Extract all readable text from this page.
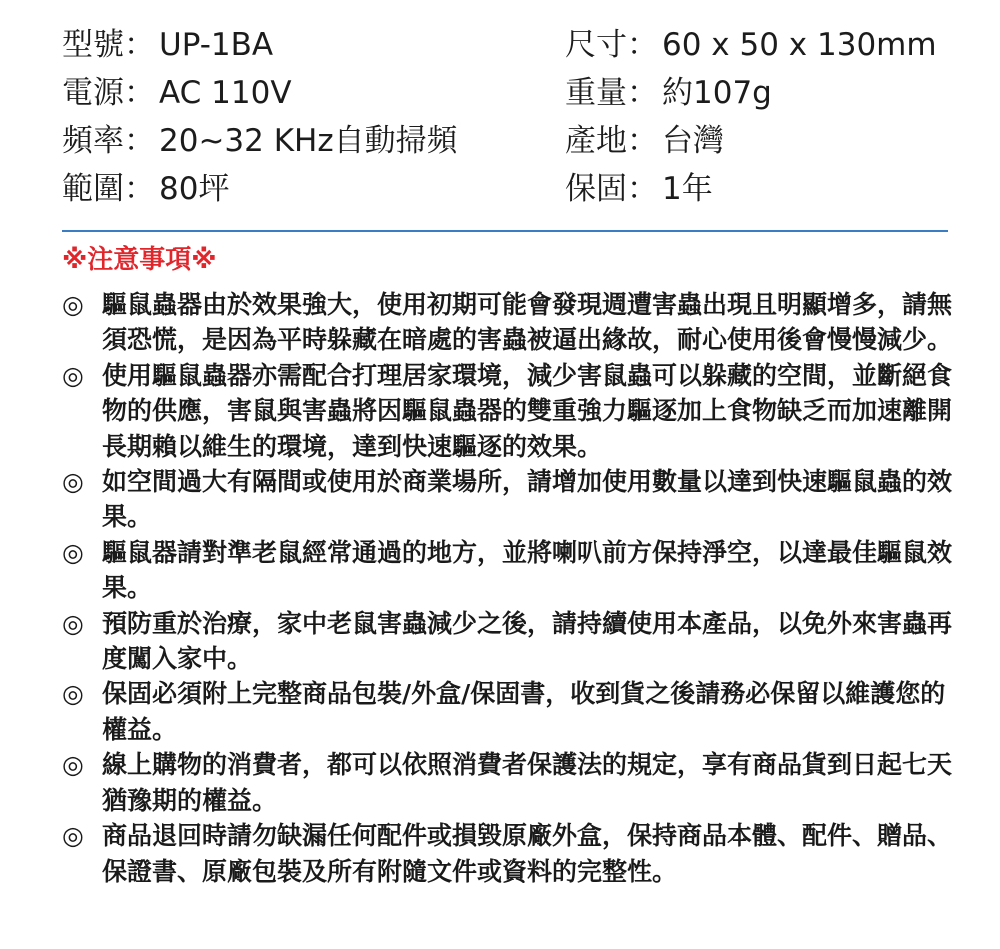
型號 ： UP-1BA
電源 ： AC 110V
頻率 ： 20~32 KHz自動掃頻
範圍 ： 80坪
尺寸 ： 60 x 50 x 130mm
重量 ： 約107g
產地 ： 台灣
保固 ： 1年
※注意事項※
◎ 驅鼠蟲器由於效果強大，使用初期可能會發現週遭害蟲出現且明顯增多，請無須恐慌，是因為平時躲藏在暗處的害蟲被逼出緣故，耐心使用後會慢慢減少。
◎ 使用驅鼠蟲器亦需配合打理居家環境，減少害鼠蟲可以躲藏的空間，並斷絕食物的供應，害鼠與害蟲將因驅鼠蟲器的雙重強力驅逐加上食物缺乏而加速離開長期賴以維生的環境，達到快速驅逐的效果。
◎ 如空間過大有隔間或使用於商業場所，請增加使用數量以達到快速驅鼠蟲的效果。
◎ 驅鼠器請對準老鼠經常通過的地方，並將喇叭前方保持淨空，以達最佳驅鼠效果。
◎ 預防重於治療，家中老鼠害蟲減少之後，請持續使用本產品，以免外來害蟲再度闖入家中。
◎ 保固必須附上完整商品包裝/外盒/保固書，收到貨之後請務必保留以維護您的權益。
◎ 線上購物的消費者，都可以依照消費者保護法的規定，享有商品貨到日起七天猶豫期的權益。
◎ 商品退回時請勿缺漏任何配件或損毀原廠外盒，保持商品本體、配件、贈品、保證書、原廠包裝及所有附隨文件或資料的完整性。
